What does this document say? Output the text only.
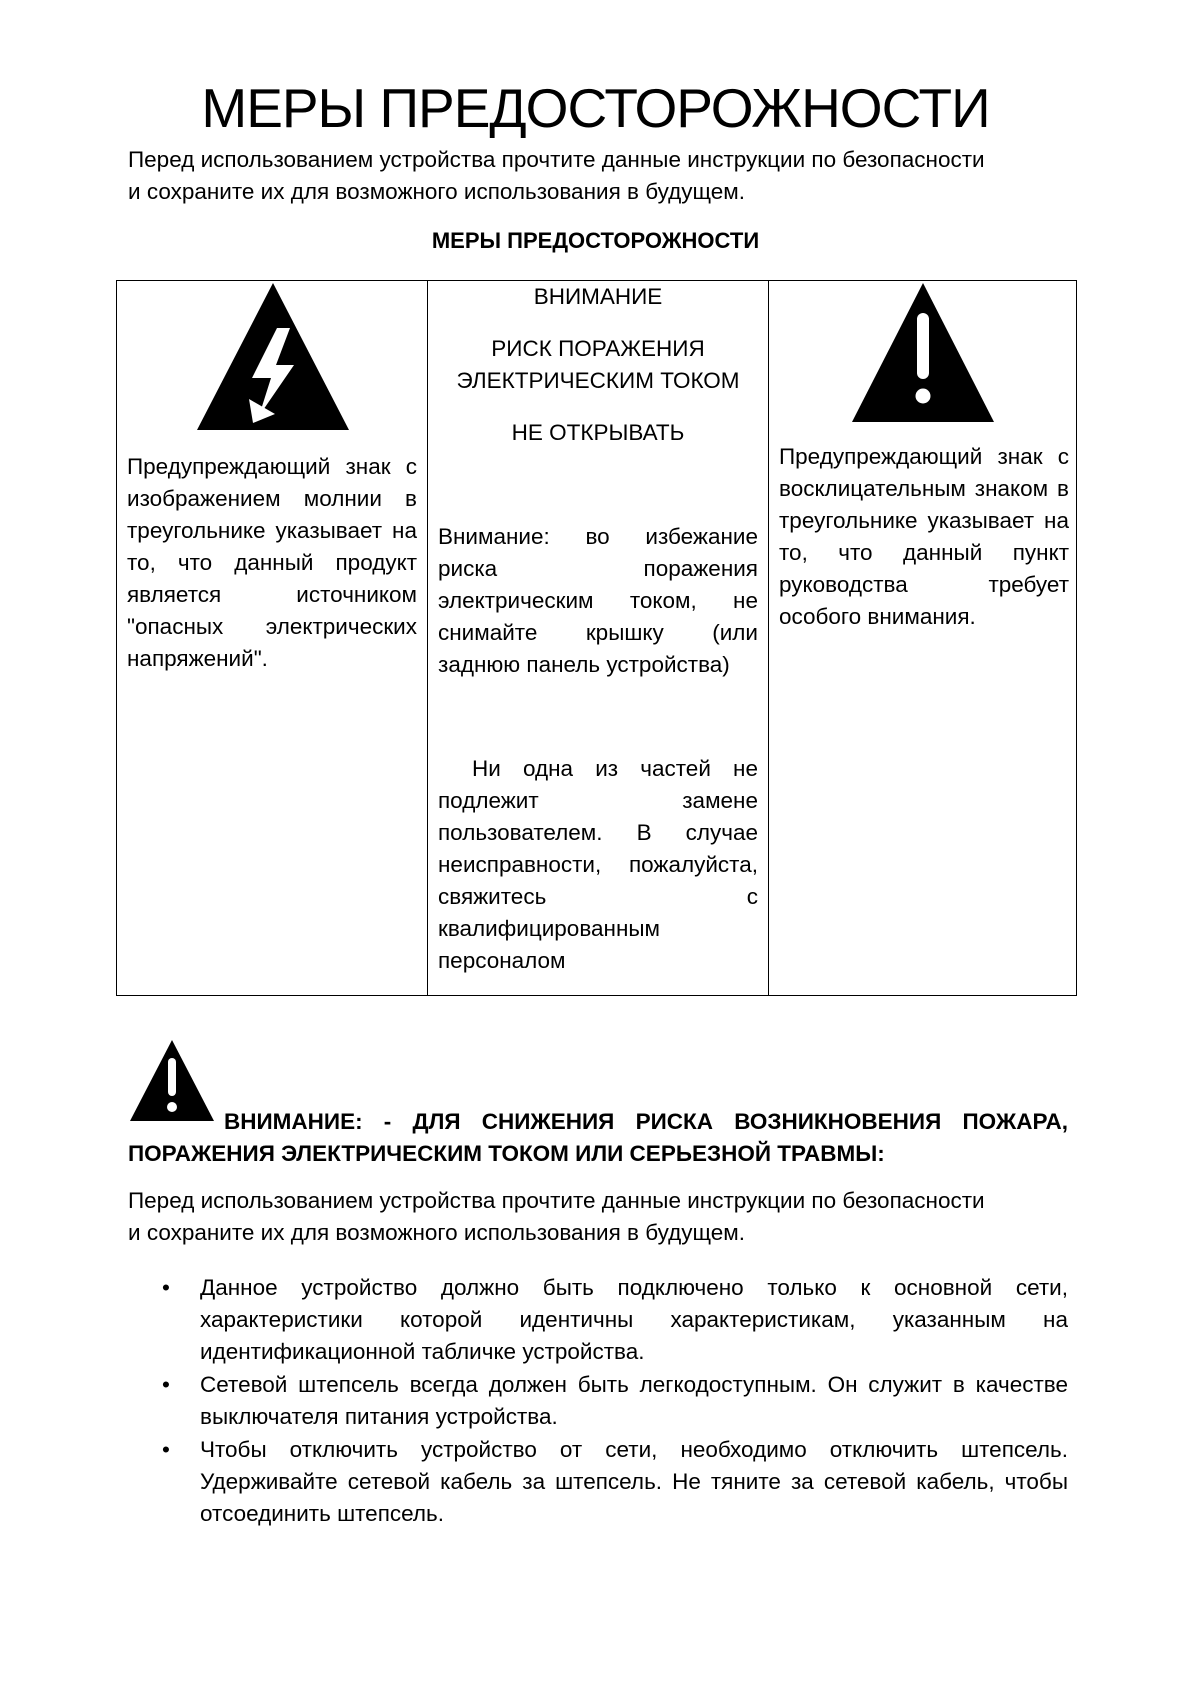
МЕРЫ ПРЕДОСТОРОЖНОСТИ

Перед использованием устройства прочтите данные инструкции по безопасности
и сохраните их для возможного использования в будущем.

МЕРЫ ПРЕДОСТОРОЖНОСТИ

Предупреждающий знак с изображением молнии в треугольнике указывает на то, что данный продукт является источником "опасных электрических напряжений".

ВНИМАНИЕ

РИСК ПОРАЖЕНИЯ

ЭЛЕКТРИЧЕСКИМ ТОКОМ

НЕ ОТКРЫВАТЬ

Внимание: во избежание риска поражения электрическим током, не снимайте крышку (или заднюю панель устройства)

Ни одна из частей не подлежит замене пользователем. В случае неисправности, пожалуйста, свяжитесь с квалифицированным персоналом

Предупреждающий знак с восклицательным знаком в треугольнике указывает на то, что данный пункт руководства требует особого внимания.

ВНИМАНИЕ: - ДЛЯ СНИЖЕНИЯ РИСКА ВОЗНИКНОВЕНИЯ ПОЖАРА, ПОРАЖЕНИЯ ЭЛЕКТРИЧЕСКИМ ТОКОМ ИЛИ СЕРЬЕЗНОЙ ТРАВМЫ:

Перед использованием устройства прочтите данные инструкции по безопасности
и сохраните их для возможного использования в будущем.

• Данное устройство должно быть подключено только к основной сети, характеристики которой идентичны характеристикам, указанным на идентификационной табличке устройства.
• Сетевой штепсель всегда должен быть легкодоступным. Он служит в качестве выключателя питания устройства.
• Чтобы отключить устройство от сети, необходимо отключить штепсель. Удерживайте сетевой кабель за штепсель. Не тяните за сетевой кабель, чтобы отсоединить штепсель.
